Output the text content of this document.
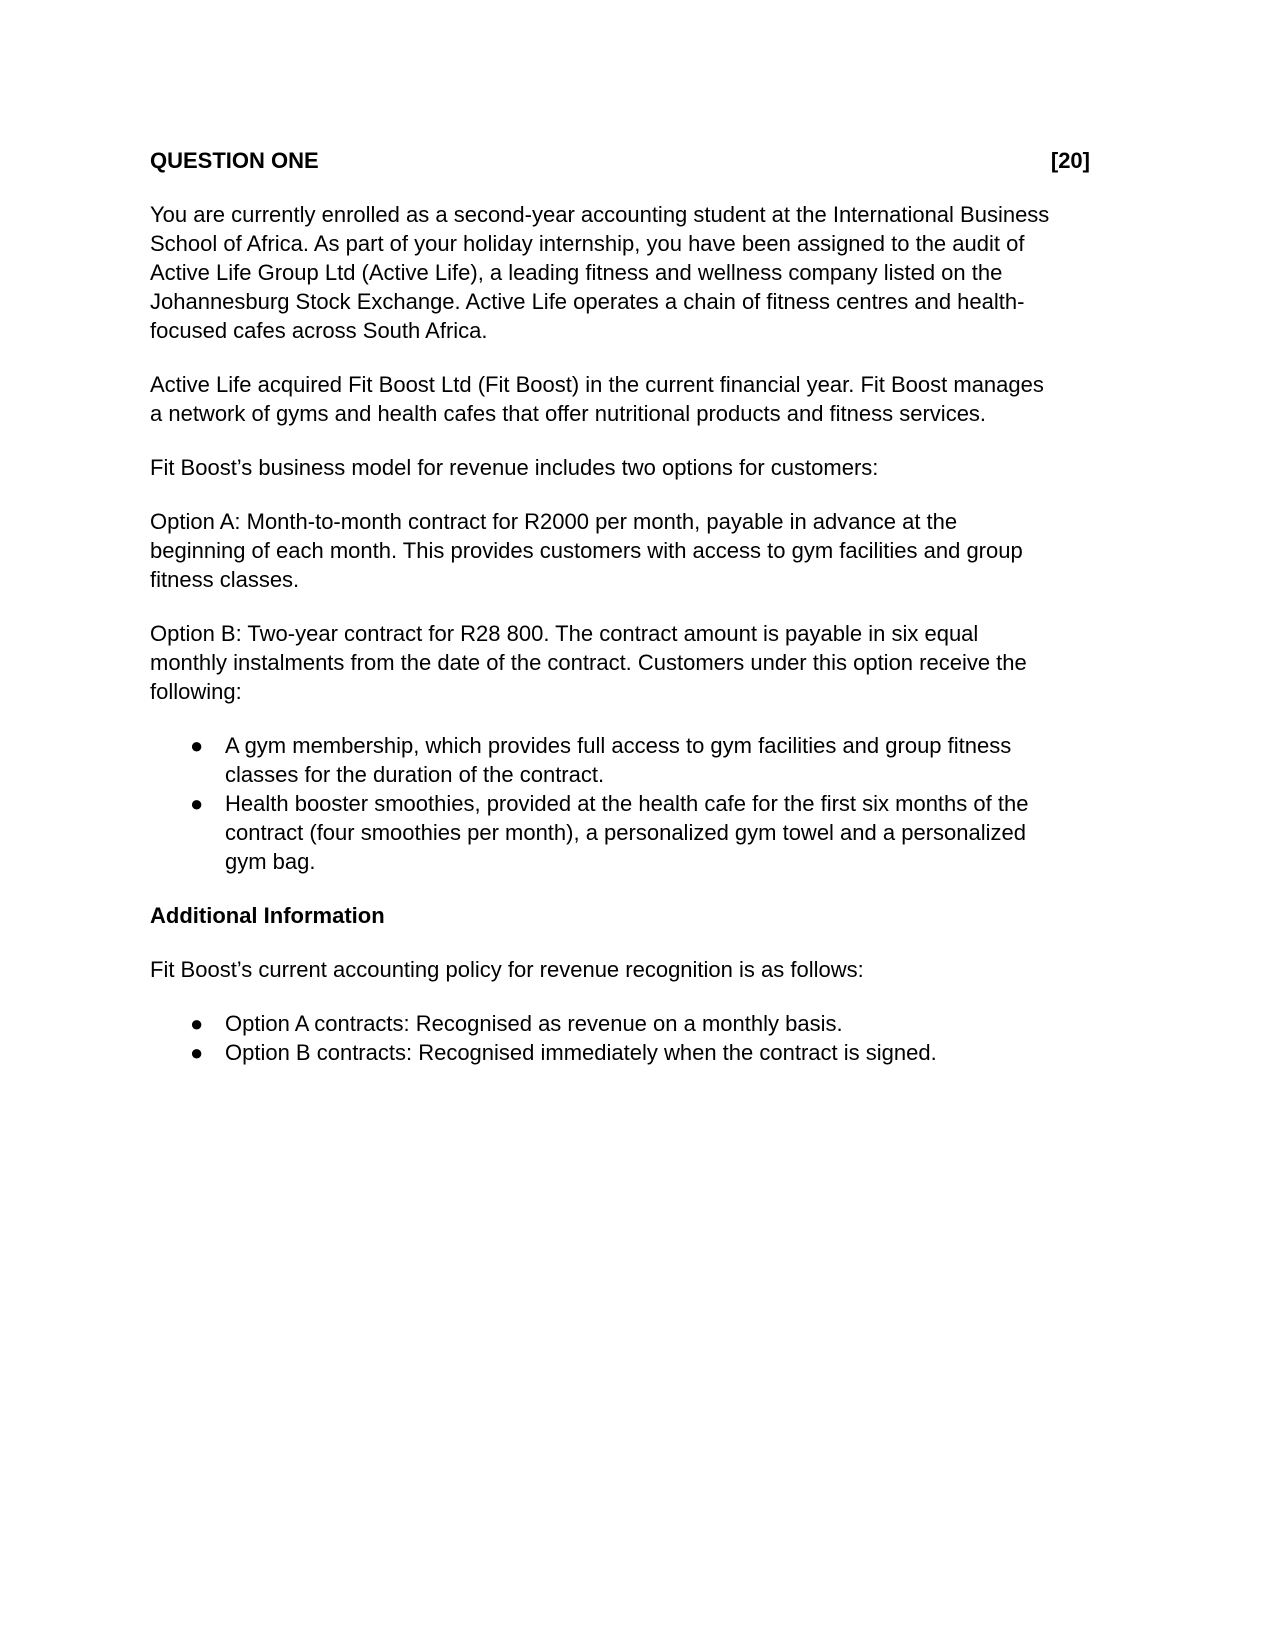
QUESTION ONE	[20]
You are currently enrolled as a second-year accounting student at the International Business
School of Africa. As part of your holiday internship, you have been assigned to the audit of
Active Life Group Ltd (Active Life), a leading fitness and wellness company listed on the
Johannesburg Stock Exchange. Active Life operates a chain of fitness centres and health-
focused cafes across South Africa.
Active Life acquired Fit Boost Ltd (Fit Boost) in the current financial year. Fit Boost manages
a network of gyms and health cafes that offer nutritional products and fitness services.
Fit Boost’s business model for revenue includes two options for customers:
Option A: Month-to-month contract for R2000 per month, payable in advance at the
beginning of each month. This provides customers with access to gym facilities and group
fitness classes.
Option B: Two-year contract for R28 800. The contract amount is payable in six equal
monthly instalments from the date of the contract. Customers under this option receive the
following:
● A gym membership, which provides full access to gym facilities and group fitness
classes for the duration of the contract.
● Health booster smoothies, provided at the health cafe for the first six months of the
contract (four smoothies per month), a personalized gym towel and a personalized
gym bag.
Additional Information
Fit Boost’s current accounting policy for revenue recognition is as follows:
● Option A contracts: Recognised as revenue on a monthly basis.
● Option B contracts: Recognised immediately when the contract is signed.
